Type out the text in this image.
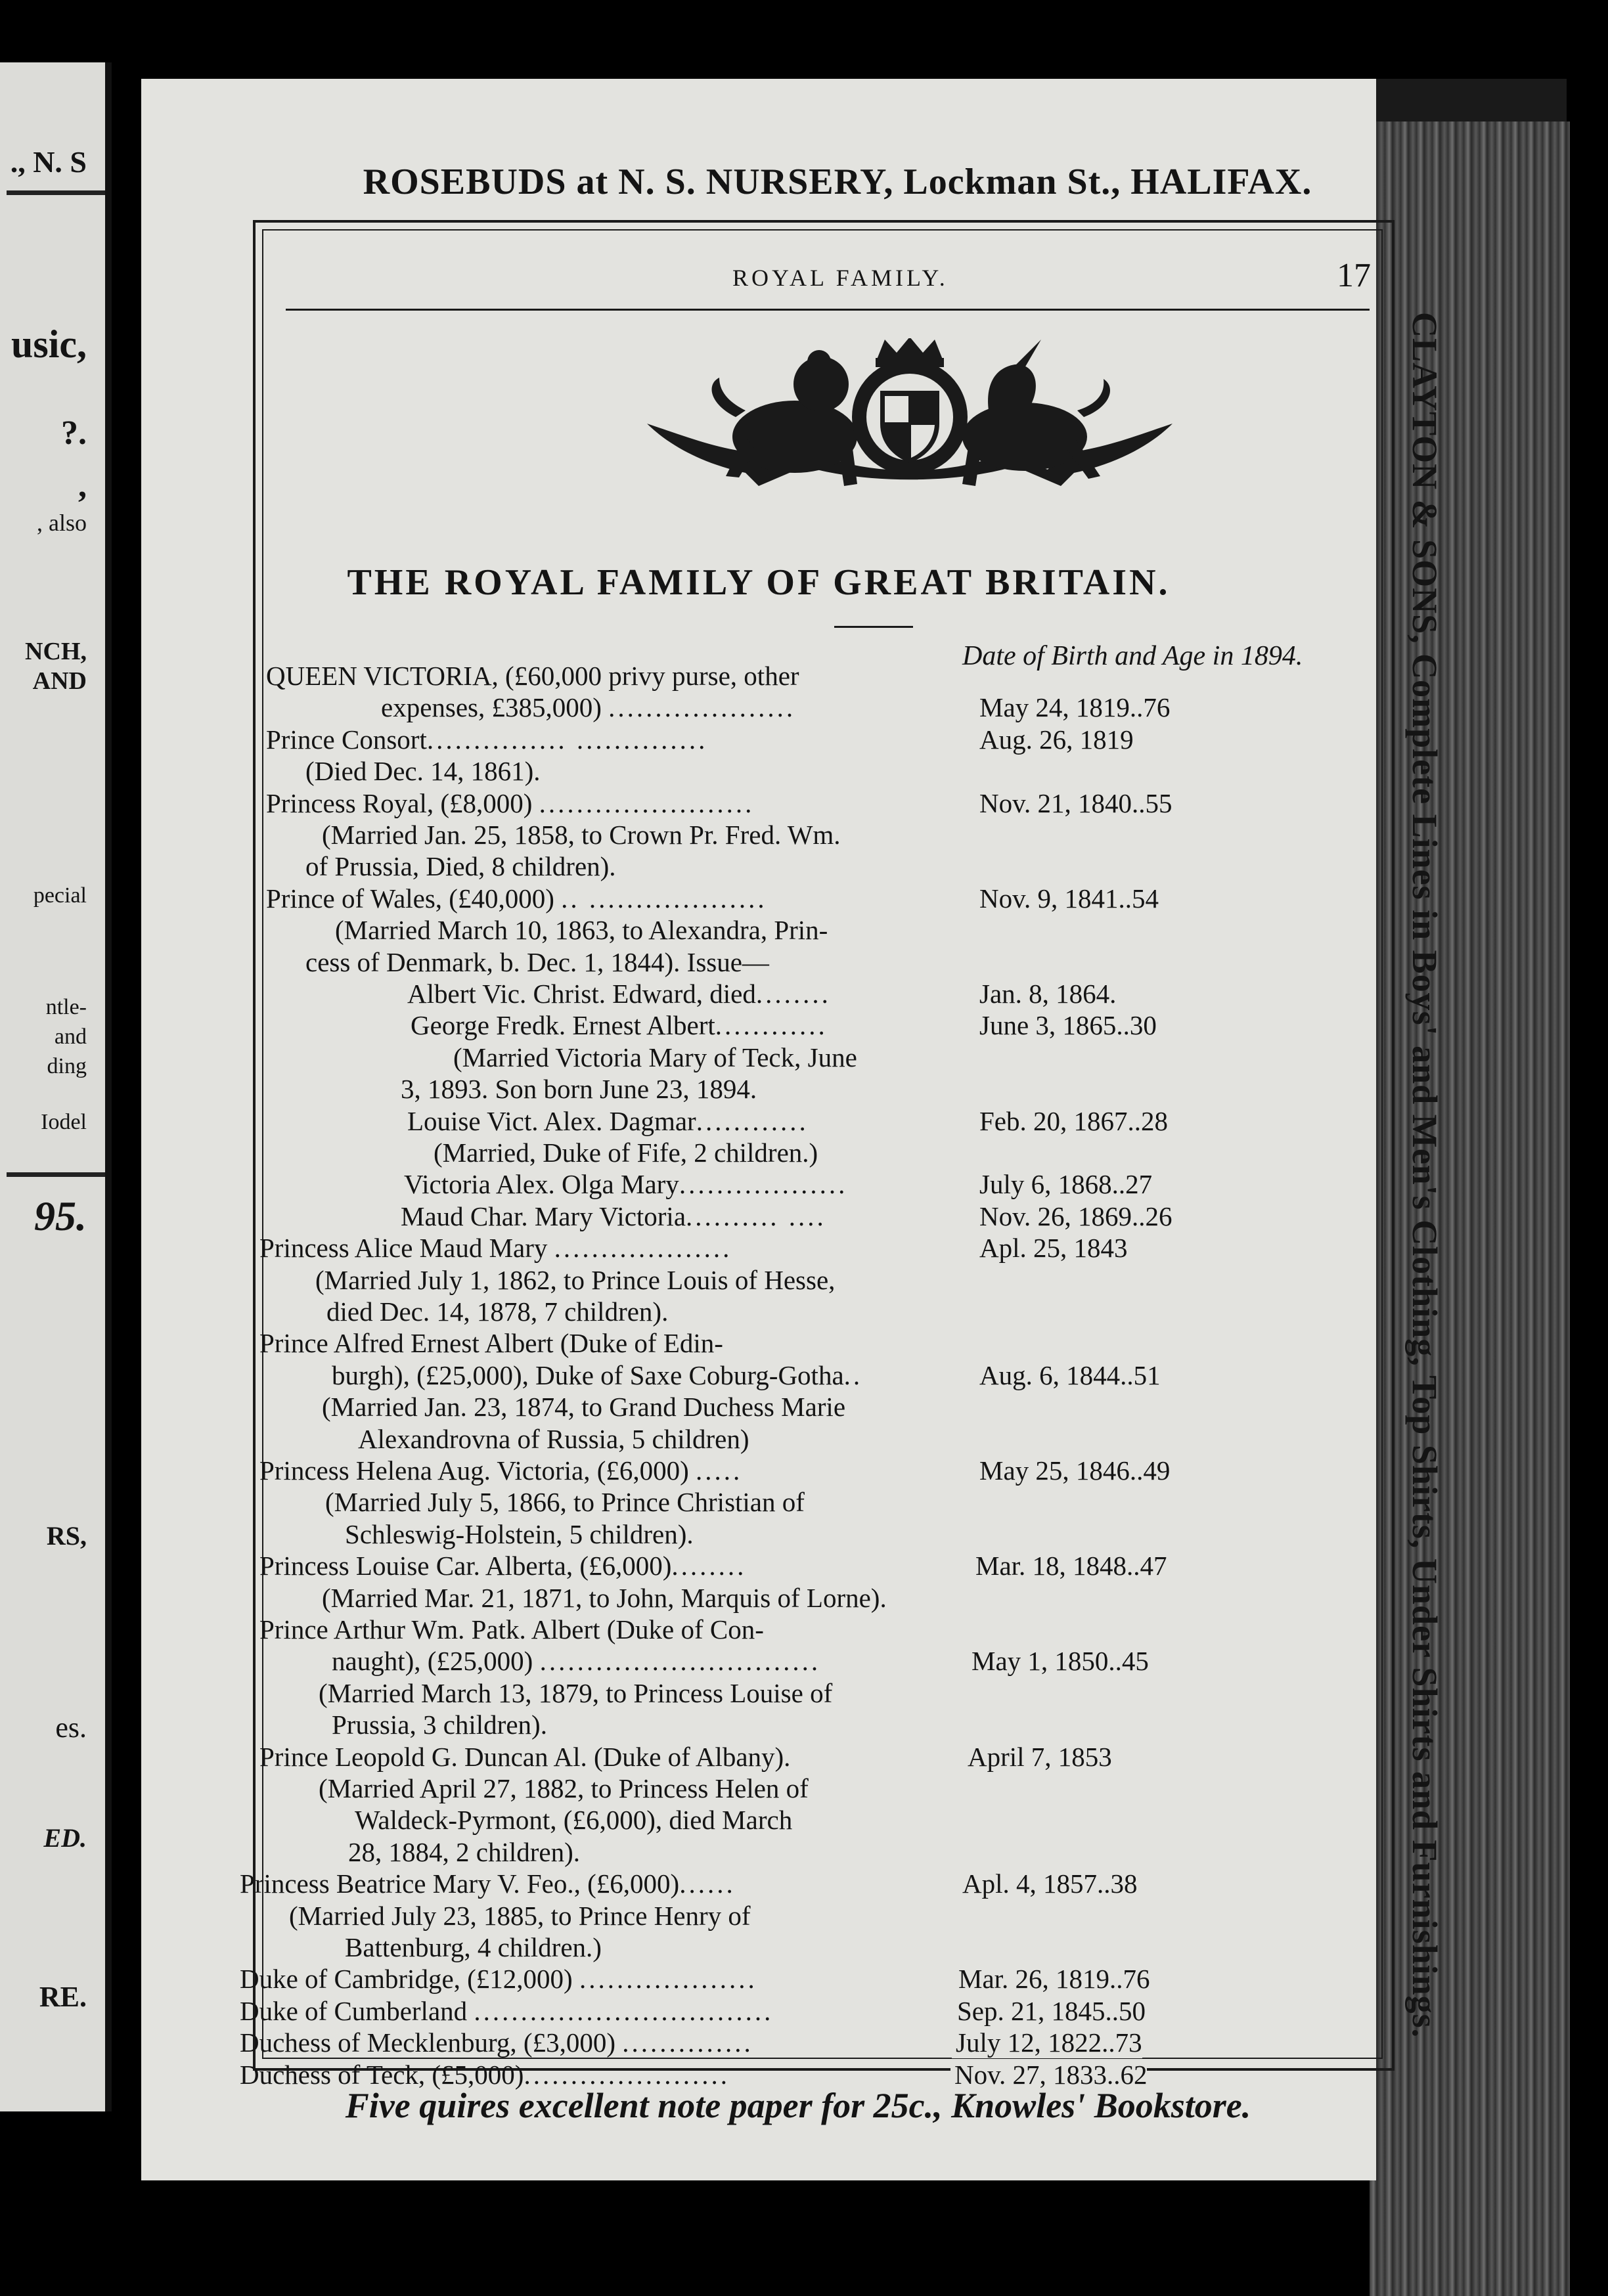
., N. S
usic,
?.
,
, also
NCH,
AND
pecial
ntle-
and
ding
Iodel
95.
RS,
es.
ED.
RE.
ROSEBUDS at N. S. NURSERY, Lockman St., HALIFAX.
CLAYTON & SONS, Complete Lines in Boys' and Men's Clothing, Top Shirts, Under Shirts and Furnishings.
ROYAL FAMILY.	17
THE ROYAL FAMILY OF GREAT BRITAIN.
Date of Birth and Age in 1894.
QUEEN VICTORIA, (£60,000 privy purse, other
expenses, £385,000) ....................	May 24, 1819..76
Prince Consort............... ..............	Aug. 26, 1819
(Died Dec. 14, 1861).
Princess Royal, (£8,000) .......................	Nov. 21, 1840..55
(Married Jan. 25, 1858, to Crown Pr. Fred. Wm.
of Prussia, Died, 8 children).
Prince of Wales, (£40,000) .. ...................	Nov. 9, 1841..54
(Married March 10, 1863, to Alexandra, Prin-
cess of Denmark, b. Dec. 1, 1844). Issue—
Albert Vic. Christ. Edward, died........	Jan. 8, 1864.
George Fredk. Ernest Albert............	June 3, 1865..30
(Married Victoria Mary of Teck, June
3, 1893. Son born June 23, 1894.
Louise Vict. Alex. Dagmar............	Feb. 20, 1867..28
(Married, Duke of Fife, 2 children.)
Victoria Alex. Olga Mary..................	July 6, 1868..27
Maud Char. Mary Victoria.......... ....	Nov. 26, 1869..26
Princess Alice Maud Mary ...................	Apl. 25, 1843
(Married July 1, 1862, to Prince Louis of Hesse,
died Dec. 14, 1878, 7 children).
Prince Alfred Ernest Albert (Duke of Edin-
burgh), (£25,000), Duke of Saxe Coburg-Gotha..	Aug. 6, 1844..51
(Married Jan. 23, 1874, to Grand Duchess Marie
Alexandrovna of Russia, 5 children)
Princess Helena Aug. Victoria, (£6,000) .....	May 25, 1846..49
(Married July 5, 1866, to Prince Christian of
Schleswig-Holstein, 5 children).
Princess Louise Car. Alberta, (£6,000)........	Mar. 18, 1848..47
(Married Mar. 21, 1871, to John, Marquis of Lorne).
Prince Arthur Wm. Patk. Albert (Duke of Con-
naught), (£25,000) ..............................	May 1, 1850..45
(Married March 13, 1879, to Princess Louise of
Prussia, 3 children).
Prince Leopold G. Duncan Al. (Duke of Albany).	April 7, 1853
(Married April 27, 1882, to Princess Helen of
Waldeck-Pyrmont, (£6,000), died March
28, 1884, 2 children).
Princess Beatrice Mary V. Feo., (£6,000)......	Apl. 4, 1857..38
(Married July 23, 1885, to Prince Henry of
Battenburg, 4 children.)
Duke of Cambridge, (£12,000) ...................	Mar. 26, 1819..76
Duke of Cumberland ................................	Sep. 21, 1845..50
Duchess of Mecklenburg, (£3,000) ..............	July 12, 1822..73
Duchess of Teck, (£5,000)......................	Nov. 27, 1833..62
Five quires excellent note paper for 25c., Knowles' Bookstore.
